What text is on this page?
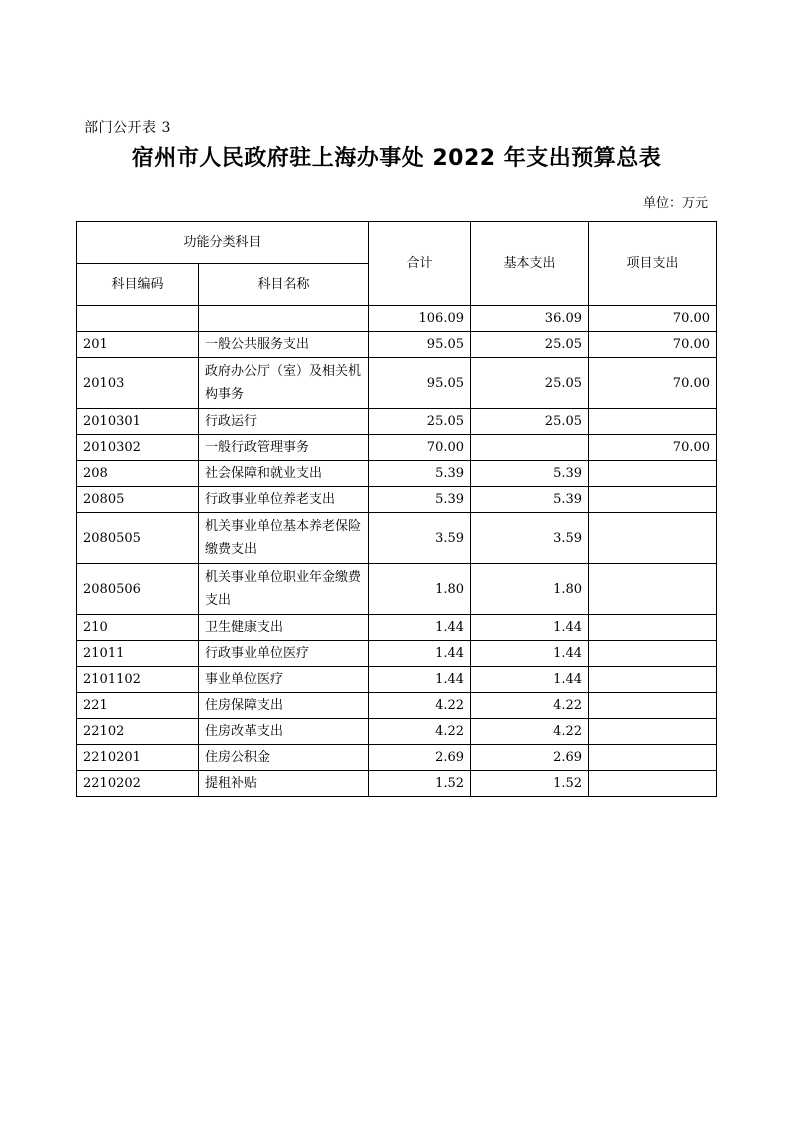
部门公开表 3
宿州市人民政府驻上海办事处 2022 年支出预算总表
单位：万元
功能分类科目		合计	基本支出	项目支出
科目编码	科目名称			
		106.09	36.09	70.00
201	一般公共服务支出	95.05	25.05	70.00
20103	政府办公厅（室）及相关机构事务	95.05	25.05	70.00
2010301	行政运行	25.05	25.05	
2010302	一般行政管理事务	70.00		70.00
208	社会保障和就业支出	5.39	5.39	
20805	行政事业单位养老支出	5.39	5.39	
2080505	机关事业单位基本养老保险缴费支出	3.59	3.59	
2080506	机关事业单位职业年金缴费支出	1.80	1.80	
210	卫生健康支出	1.44	1.44	
21011	行政事业单位医疗	1.44	1.44	
2101102	事业单位医疗	1.44	1.44	
221	住房保障支出	4.22	4.22	
22102	住房改革支出	4.22	4.22	
2210201	住房公积金	2.69	2.69	
2210202	提租补贴	1.52	1.52	
